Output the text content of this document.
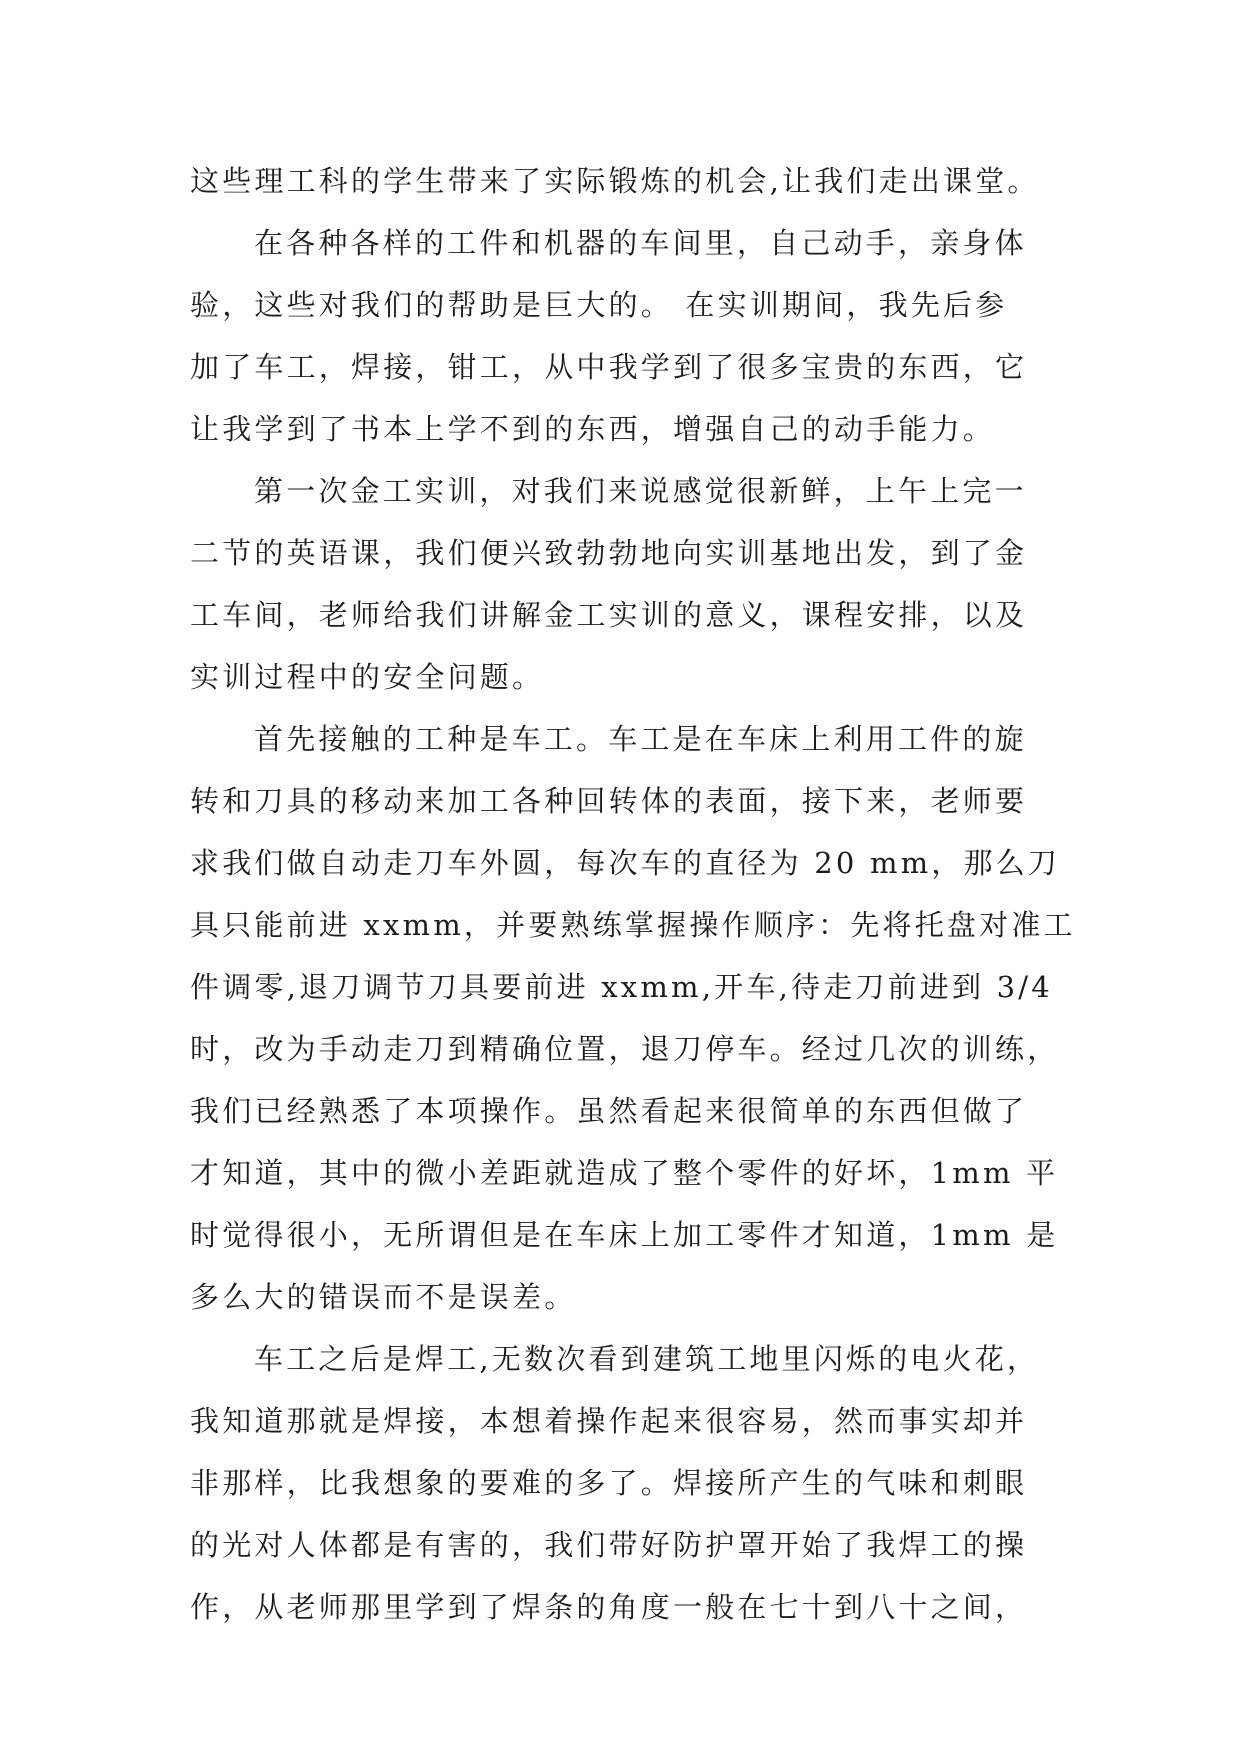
这些理工科的学生带来了实际锻炼的机会,让我们走出课堂。
在各种各样的工件和机器的车间里，自己动手，亲身体
验，这些对我们的帮助是巨大的。 在实训期间，我先后参
加了车工，焊接，钳工，从中我学到了很多宝贵的东西，它
让我学到了书本上学不到的东西，增强自己的动手能力。
第一次金工实训，对我们来说感觉很新鲜，上午上完一
二节的英语课，我们便兴致勃勃地向实训基地出发，到了金
工车间，老师给我们讲解金工实训的意义，课程安排，以及
实训过程中的安全问题。
首先接触的工种是车工。车工是在车床上利用工件的旋
转和刀具的移动来加工各种回转体的表面，接下来，老师要
求我们做自动走刀车外圆，每次车的直径为 20 mm，那么刀
具只能前进 xxmm，并要熟练掌握操作顺序：先将托盘对准工
件调零,退刀调节刀具要前进 xxmm,开车,待走刀前进到 3/4
时，改为手动走刀到精确位置，退刀停车。经过几次的训练，
我们已经熟悉了本项操作。虽然看起来很简单的东西但做了
才知道，其中的微小差距就造成了整个零件的好坏，1mm 平
时觉得很小，无所谓但是在车床上加工零件才知道，1mm 是
多么大的错误而不是误差。
车工之后是焊工,无数次看到建筑工地里闪烁的电火花，
我知道那就是焊接，本想着操作起来很容易，然而事实却并
非那样，比我想象的要难的多了。焊接所产生的气味和刺眼
的光对人体都是有害的，我们带好防护罩开始了我焊工的操
作，从老师那里学到了焊条的角度一般在七十到八十之间，
